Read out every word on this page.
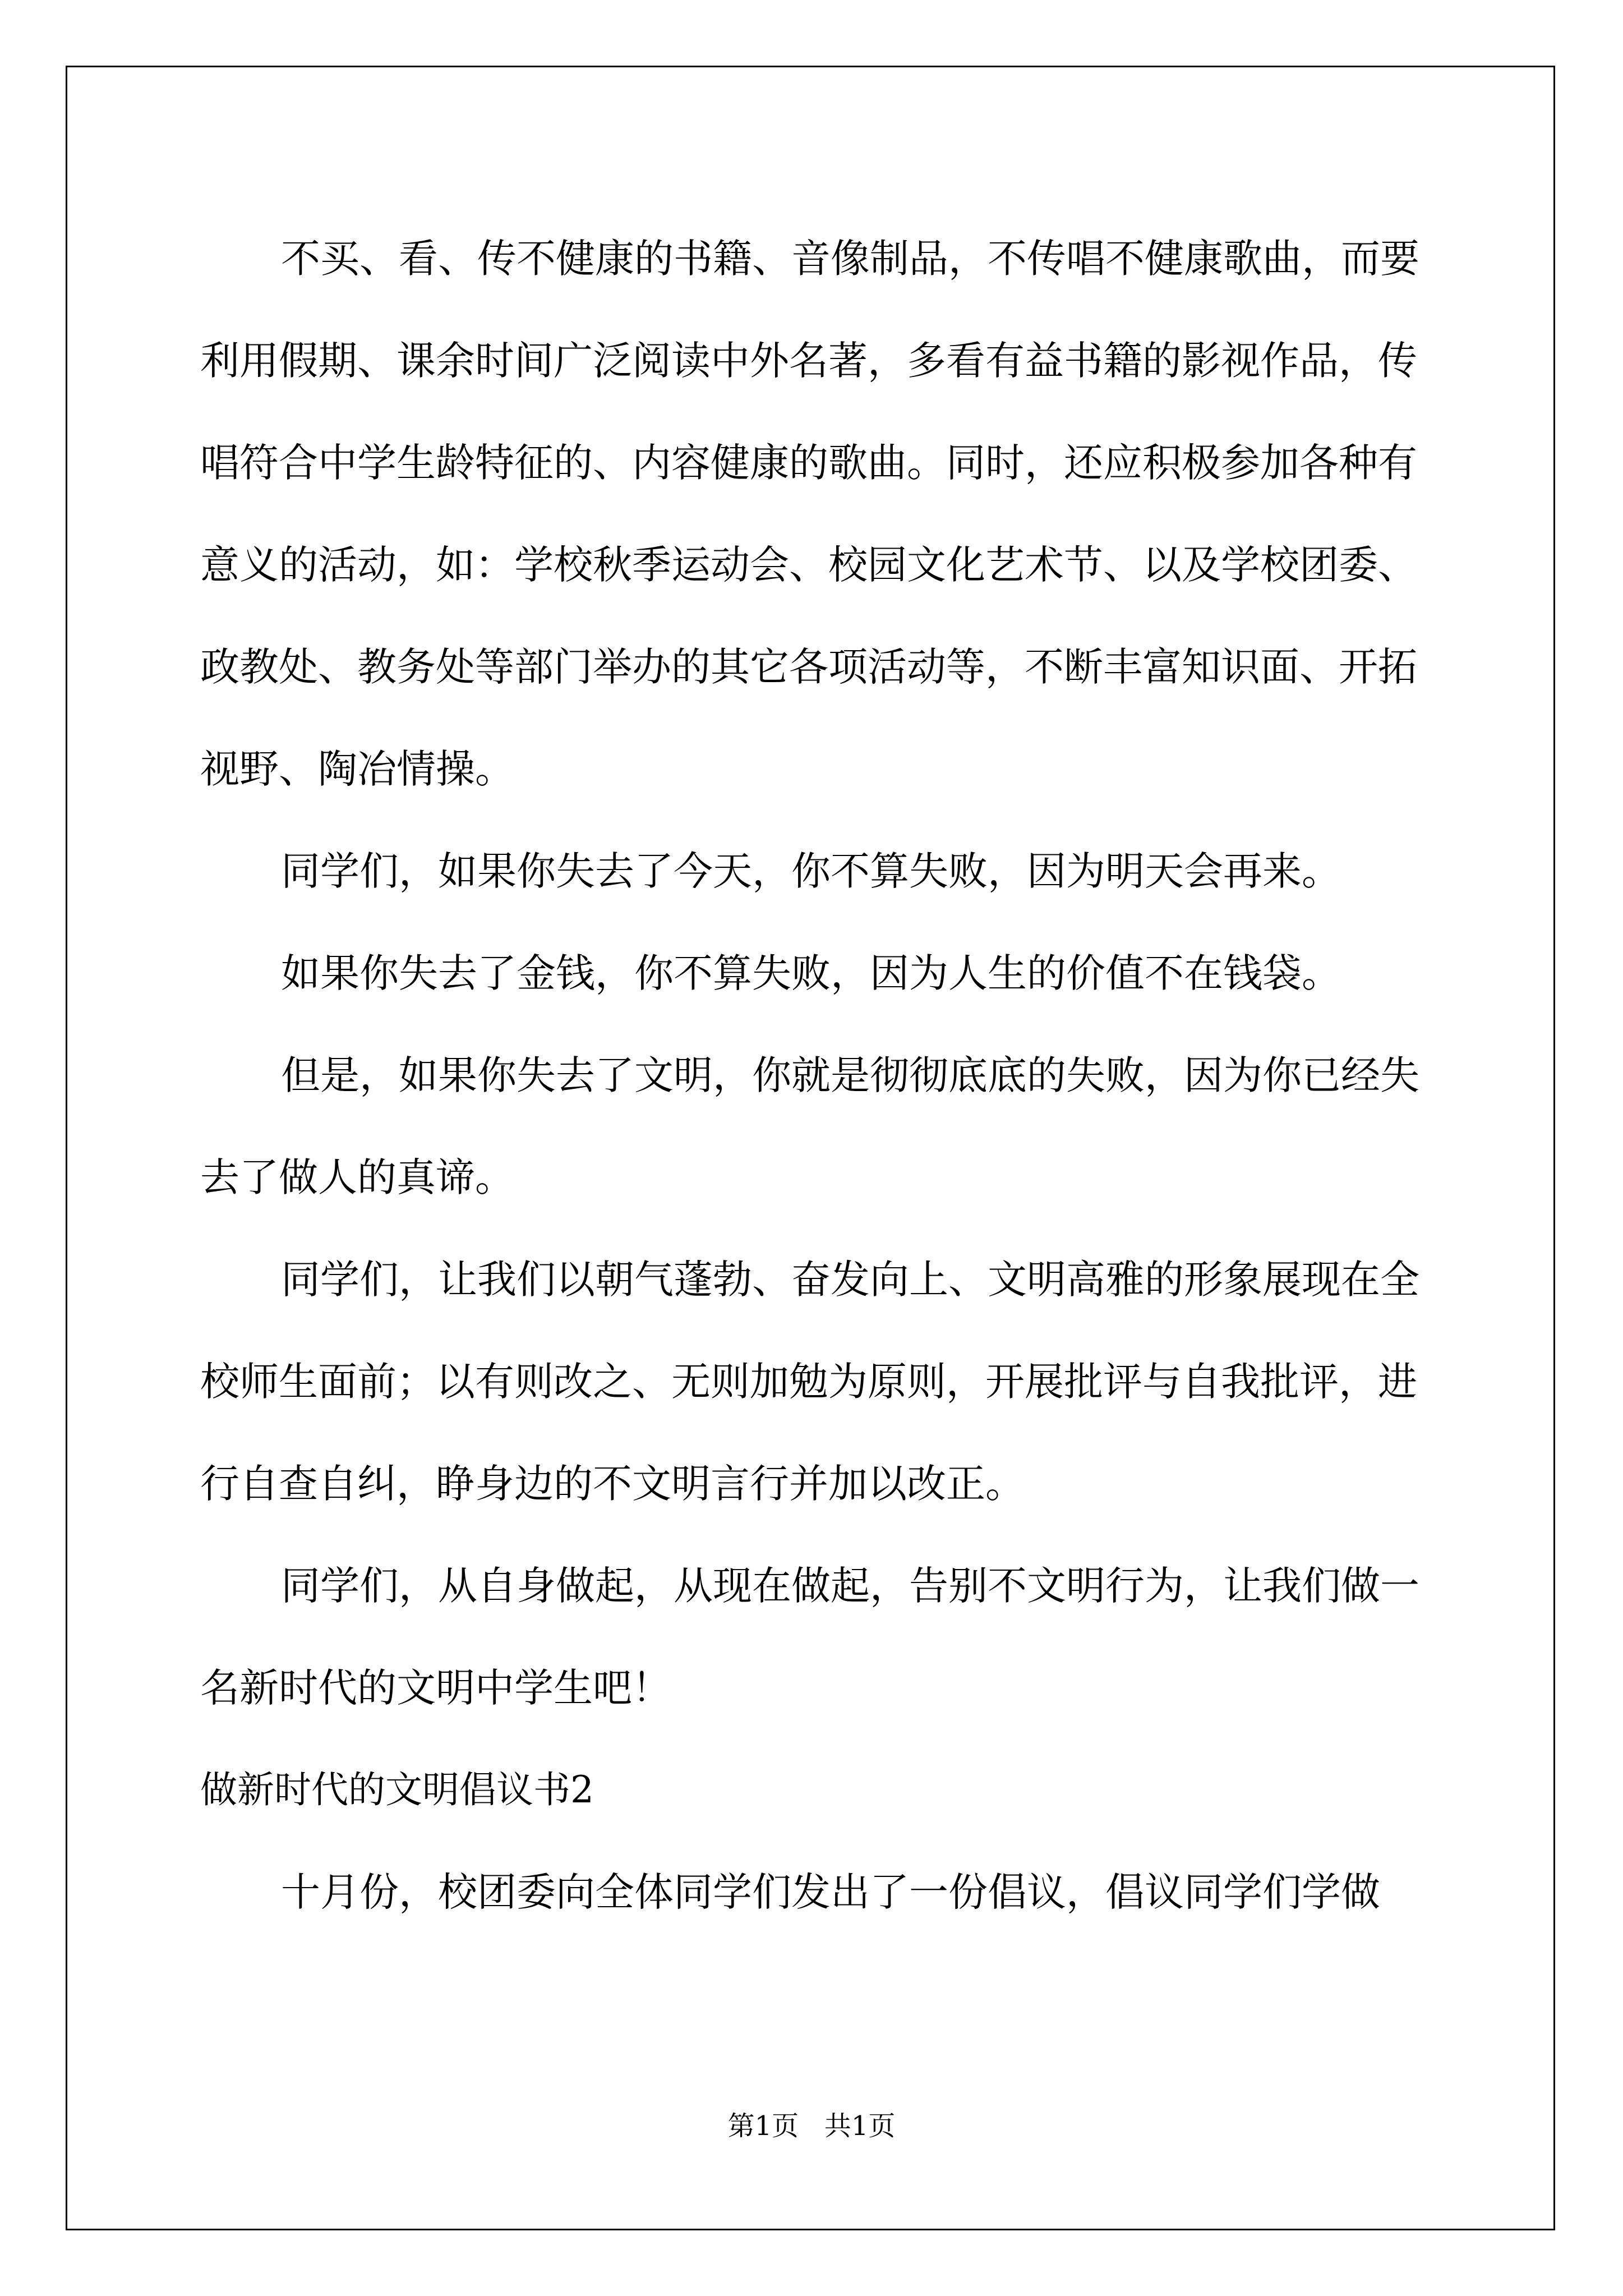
不买、看、传不健康的书籍、音像制品，不传唱不健康歌曲，而要利用假期、课余时间广泛阅读中外名著，多看有益书籍的影视作品，传唱符合中学生龄特征的、内容健康的歌曲。同时，还应积极参加各种有意义的活动，如：学校秋季运动会、校园文化艺术节、以及学校团委、政教处、教务处等部门举办的其它各项活动等，不断丰富知识面、开拓视野、陶冶情操。

同学们，如果你失去了今天，你不算失败，因为明天会再来。

如果你失去了金钱，你不算失败，因为人生的价值不在钱袋。

但是，如果你失去了文明，你就是彻彻底底的失败，因为你已经失去了做人的真谛。

同学们，让我们以朝气蓬勃、奋发向上、文明高雅的形象展现在全校师生面前；以有则改之、无则加勉为原则，开展批评与自我批评，进行自查自纠，睁身边的不文明言行并加以改正。

同学们，从自身做起，从现在做起，告别不文明行为，让我们做一名新时代的文明中学生吧！

做新时代的文明倡议书2

十月份，校团委向全体同学们发出了一份倡议，倡议同学们学做

第1页 共1页
